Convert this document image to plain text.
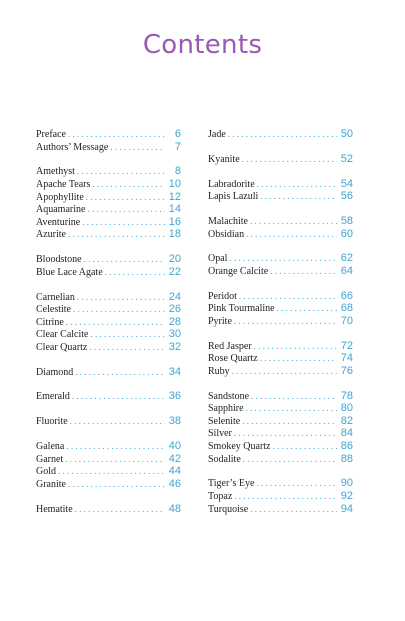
Contents
Preface . . .	6
Authors’ Message . . .	7
Amethyst . . .	8
Apache Tears . . .	10
Apophyllite . . .	12
Aquamarine . . .	14
Aventurine . . .	16
Azurite . . .	18
Bloodstone . . .	20
Blue Lace Agate . . .	22
Carnelian . . .	24
Celestite . . .	26
Citrine . . .	28
Clear Calcite . . .	30
Clear Quartz . . .	32
Diamond . . .	34
Emerald . . .	36
Fluorite . . .	38
Galena . . .	40
Garnet . . .	42
Gold . . .	44
Granite . . .	46
Hematite . . .	48
Jade . . .	50
Kyanite . . .	52
Labradorite . . .	54
Lapis Lazuli . . .	56
Malachite . . .	58
Obsidian . . .	60
Opal . . .	62
Orange Calcite . . .	64
Peridot . . .	66
Pink Tourmaline . . .	68
Pyrite . . .	70
Red Jasper . . .	72
Rose Quartz . . .	74
Ruby . . .	76
Sandstone . . .	78
Sapphire . . .	80
Selenite . . .	82
Silver . . .	84
Smokey Quartz . . .	86
Sodalite . . .	88
Tiger’s Eye . . .	90
Topaz . . .	92
Turquoise . . .	94
